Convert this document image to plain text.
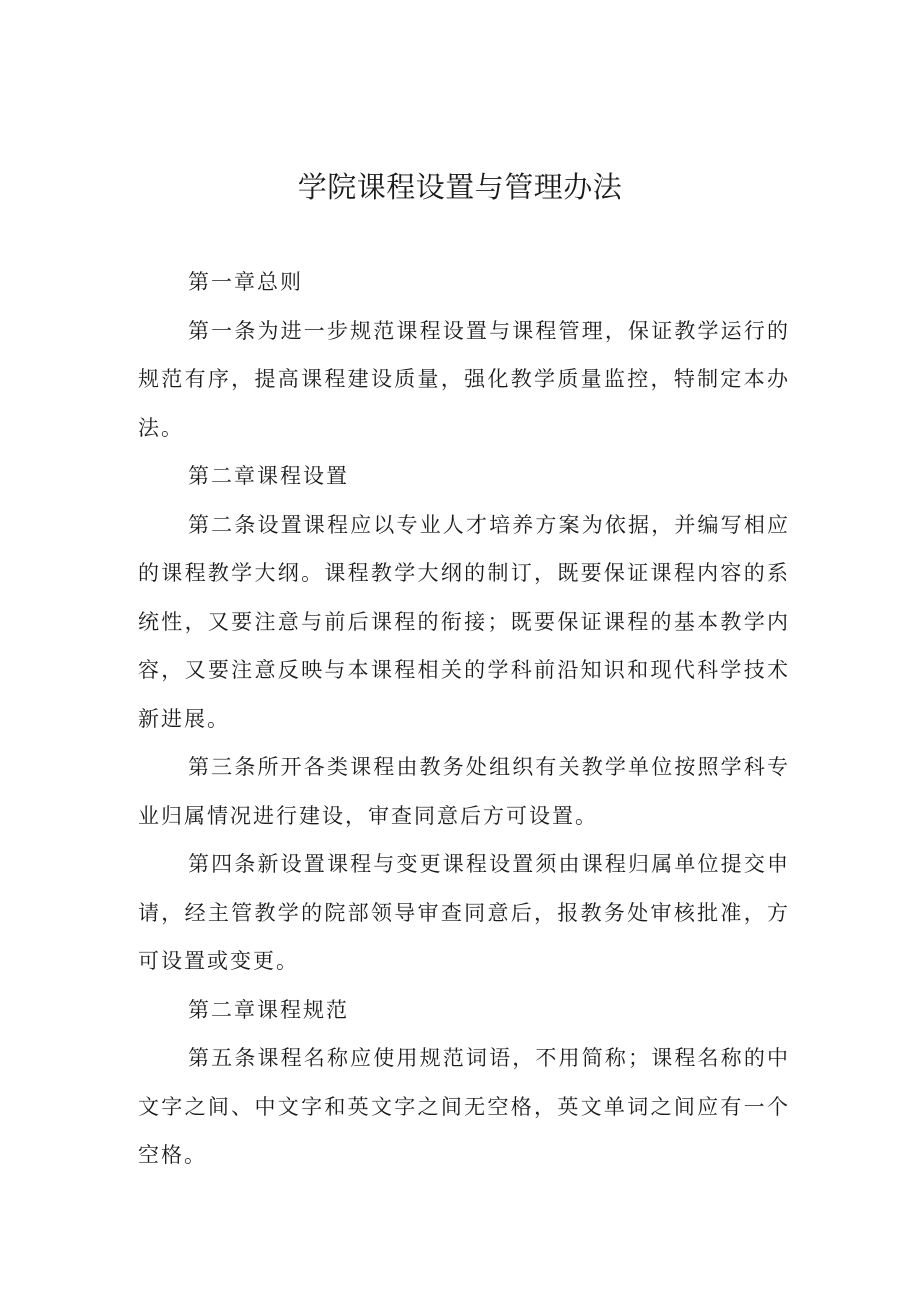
学院课程设置与管理办法

第一章总则

第一条为进一步规范课程设置与课程管理，保证教学运行的规范有序，提高课程建设质量，强化教学质量监控，特制定本办法。

第二章课程设置

第二条设置课程应以专业人才培养方案为依据，并编写相应的课程教学大纲。课程教学大纲的制订，既要保证课程内容的系统性，又要注意与前后课程的衔接；既要保证课程的基本教学内容，又要注意反映与本课程相关的学科前沿知识和现代科学技术新进展。

第三条所开各类课程由教务处组织有关教学单位按照学科专业归属情况进行建设，审查同意后方可设置。

第四条新设置课程与变更课程设置须由课程归属单位提交申请，经主管教学的院部领导审查同意后，报教务处审核批准，方可设置或变更。

第二章课程规范

第五条课程名称应使用规范词语，不用简称；课程名称的中文字之间、中文字和英文字之间无空格，英文单词之间应有一个空格。
